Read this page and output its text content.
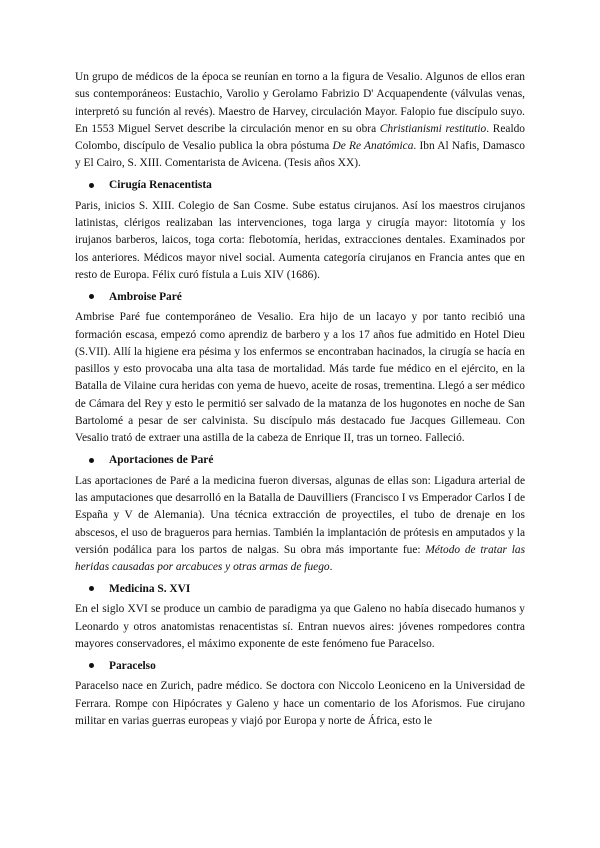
Un grupo de médicos de la época se reunían en torno a la figura de Vesalio. Algunos de ellos eran sus contemporáneos: Eustachio, Varolio y Gerolamo Fabrizio D' Acquapendente (válvulas venas, interpretó su función al revés). Maestro de Harvey, circulación Mayor. Falopio fue discípulo suyo. En 1553 Miguel Servet describe la circulación menor en su obra Christianismi restitutio. Realdo Colombo, discípulo de Vesalio publica la obra póstuma De Re Anatómica. Ibn Al Nafis, Damasco y El Cairo, S. XIII. Comentarista de Avicena. (Tesis años XX).

Cirugía Renacentista

Paris, inicios S. XIII. Colegio de San Cosme. Sube estatus cirujanos. Así los maestros cirujanos latinistas, clérigos realizaban las intervenciones, toga larga y cirugía mayor: litotomía y los irujanos barberos, laicos, toga corta: flebotomía, heridas, extracciones dentales. Examinados por los anteriores. Médicos mayor nivel social. Aumenta categoría cirujanos en Francia antes que en resto de Europa. Félix curó fístula a Luis XIV (1686).

Ambroise Paré

Ambrise Paré fue contemporáneo de Vesalio. Era hijo de un lacayo y por tanto recibió una formación escasa, empezó como aprendiz de barbero y a los 17 años fue admitido en Hotel Dieu (S.VII). Allí la higiene era pésima y los enfermos se encontraban hacinados, la cirugía se hacía en pasillos y esto provocaba una alta tasa de mortalidad. Más tarde fue médico en el ejército, en la Batalla de Vilaine cura heridas con yema de huevo, aceite de rosas, trementina. Llegó a ser médico de Cámara del Rey y esto le permitió ser salvado de la matanza de los hugonotes en noche de San Bartolomé a pesar de ser calvinista. Su discípulo más destacado fue Jacques Gillemeau. Con Vesalio trató de extraer una astilla de la cabeza de Enrique II, tras un torneo. Falleció.

Aportaciones de Paré

Las aportaciones de Paré a la medicina fueron diversas, algunas de ellas son: Ligadura arterial de las amputaciones que desarrolló en la Batalla de Dauvilliers (Francisco I vs Emperador Carlos I de España y V de Alemania). Una técnica extracción de proyectiles, el tubo de drenaje en los abscesos, el uso de bragueros para hernias. También la implantación de prótesis en amputados y la versión podálica para los partos de nalgas. Su obra más importante fue: Método de tratar las heridas causadas por arcabuces y otras armas de fuego.

Medicina S. XVI

En el siglo XVI se produce un cambio de paradigma ya que Galeno no había disecado humanos y Leonardo y otros anatomistas renacentistas sí. Entran nuevos aires: jóvenes rompedores contra mayores conservadores, el máximo exponente de este fenómeno fue Paracelso.

Paracelso

Paracelso nace en Zurich, padre médico. Se doctora con Niccolo Leoniceno en la Universidad de Ferrara. Rompe con Hipócrates y Galeno y hace un comentario de los Aforismos. Fue cirujano militar en varias guerras europeas y viajó por Europa y norte de África, esto le
